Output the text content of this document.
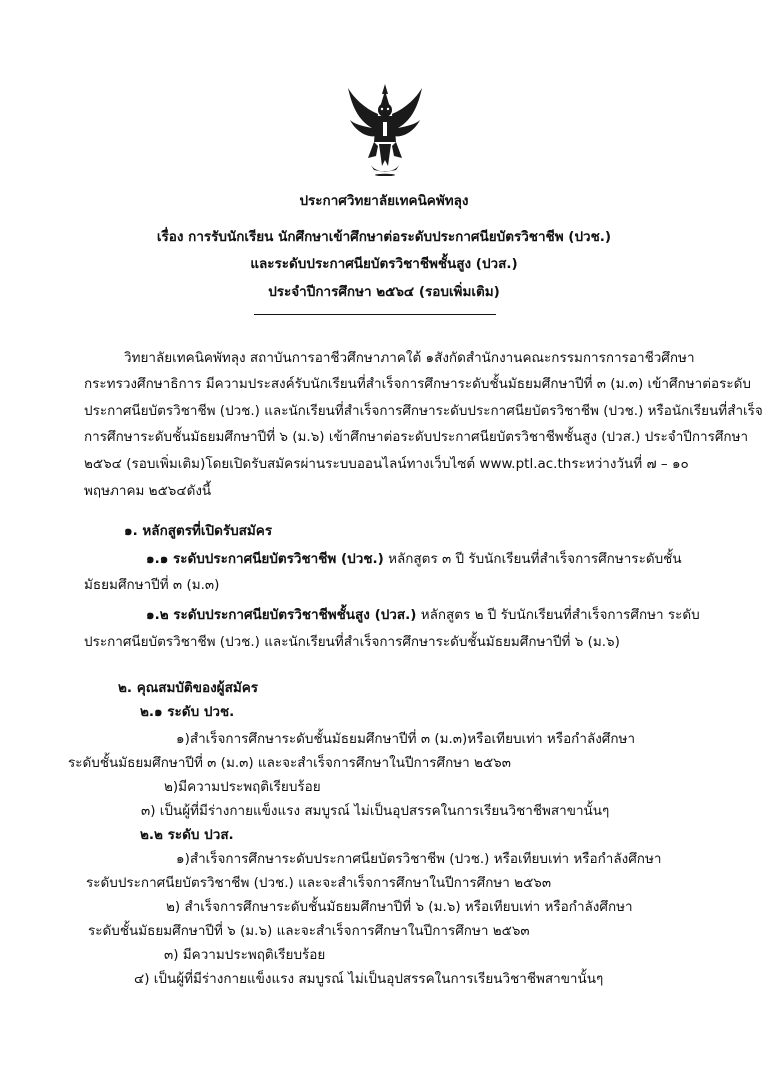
ประกาศวิทยาลัยเทคนิคพัทลุง
เรื่อง การรับนักเรียน นักศึกษาเข้าศึกษาต่อระดับประกาศนียบัตรวิชาชีพ (ปวช.)
และระดับประกาศนียบัตรวิชาชีพชั้นสูง (ปวส.)
ประจำปีการศึกษา ๒๕๖๔ (รอบเพิ่มเติม)
วิทยาลัยเทคนิคพัทลุง สถาบันการอาชีวศึกษาภาคใต้ ๑สังกัดสำนักงานคณะกรรมการการอาชีวศึกษา
กระทรวงศึกษาธิการ มีความประสงค์รับนักเรียนที่สำเร็จการศึกษาระดับชั้นมัธยมศึกษาปีที่ ๓ (ม.๓) เข้าศึกษาต่อระดับ
ประกาศนียบัตรวิชาชีพ (ปวช.) และนักเรียนที่สำเร็จการศึกษาระดับประกาศนียบัตรวิชาชีพ (ปวช.) หรือนักเรียนที่สำเร็จ
การศึกษาระดับชั้นมัธยมศึกษาปีที่ ๖ (ม.๖) เข้าศึกษาต่อระดับประกาศนียบัตรวิชาชีพชั้นสูง (ปวส.) ประจำปีการศึกษา
๒๕๖๔ (รอบเพิ่มเติม)โดยเปิดรับสมัครผ่านระบบออนไลน์ทางเว็บไซต์ www.ptl.ac.thระหว่างวันที่ ๗ – ๑๐
พฤษภาคม ๒๕๖๔ดังนี้
๑. หลักสูตรที่เปิดรับสมัคร
๑.๑ ระดับประกาศนียบัตรวิชาชีพ (ปวช.) หลักสูตร ๓ ปี รับนักเรียนที่สำเร็จการศึกษาระดับชั้น
มัธยมศึกษาปีที่ ๓ (ม.๓)
๑.๒ ระดับประกาศนียบัตรวิชาชีพชั้นสูง (ปวส.) หลักสูตร ๒ ปี รับนักเรียนที่สำเร็จการศึกษา ระดับ
ประกาศนียบัตรวิชาชีพ (ปวช.) และนักเรียนที่สำเร็จการศึกษาระดับชั้นมัธยมศึกษาปีที่ ๖ (ม.๖)
๒. คุณสมบัติของผู้สมัคร
๒.๑ ระดับ ปวช.
๑)สำเร็จการศึกษาระดับชั้นมัธยมศึกษาปีที่ ๓ (ม.๓)หรือเทียบเท่า หรือกำลังศึกษา
ระดับชั้นมัธยมศึกษาปีที่ ๓ (ม.๓) และจะสำเร็จการศึกษาในปีการศึกษา ๒๕๖๓
๒)มีความประพฤติเรียบร้อย
๓) เป็นผู้ที่มีร่างกายแข็งแรง สมบูรณ์ ไม่เป็นอุปสรรคในการเรียนวิชาชีพสาขานั้นๆ
๒.๒ ระดับ ปวส.
๑)สำเร็จการศึกษาระดับประกาศนียบัตรวิชาชีพ (ปวช.) หรือเทียบเท่า หรือกำลังศึกษา
ระดับประกาศนียบัตรวิชาชีพ (ปวช.) และจะสำเร็จการศึกษาในปีการศึกษา ๒๕๖๓
๒) สำเร็จการศึกษาระดับชั้นมัธยมศึกษาปีที่ ๖ (ม.๖) หรือเทียบเท่า หรือกำลังศึกษา
ระดับชั้นมัธยมศึกษาปีที่ ๖ (ม.๖) และจะสำเร็จการศึกษาในปีการศึกษา ๒๕๖๓
๓) มีความประพฤติเรียบร้อย
๔) เป็นผู้ที่มีร่างกายแข็งแรง สมบูรณ์ ไม่เป็นอุปสรรคในการเรียนวิชาชีพสาขานั้นๆ
